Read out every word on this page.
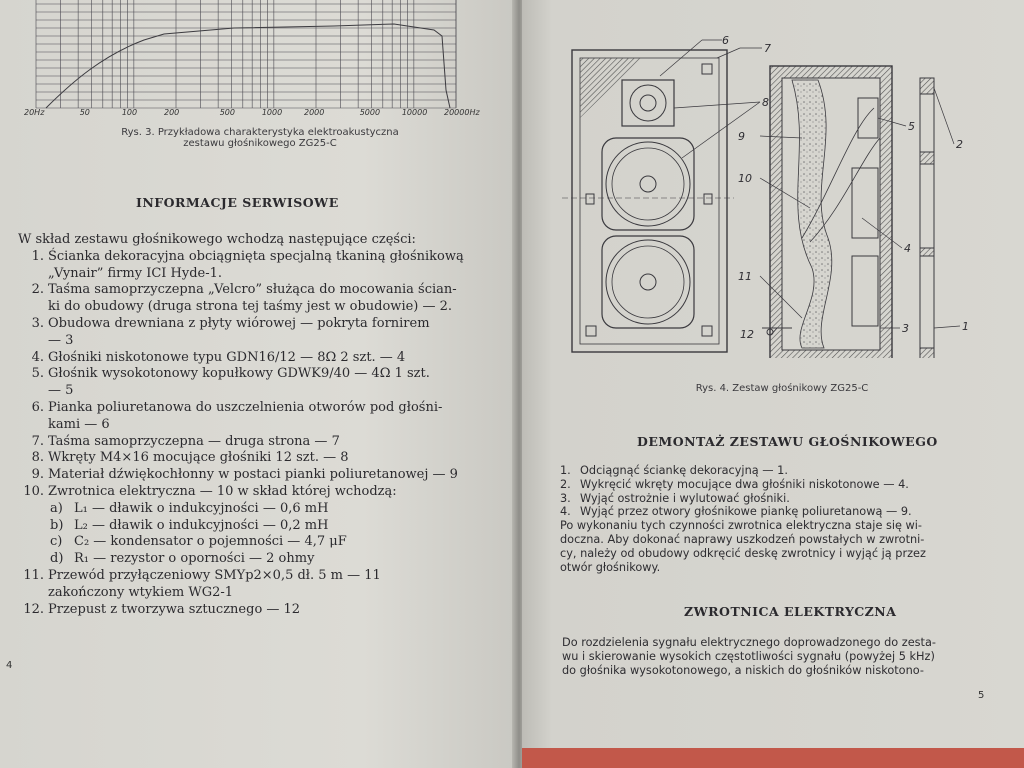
Rys. 3. Przykładowa charakterystyka elektroakustyczna
zestawu głośnikowego ZG25-C
INFORMACJE SERWISOWE
W skład zestawu głośnikowego wchodzą następujące części:
1. Ścianka dekoracyjna obciągnięta specjalną tkaniną głośnikową
„Vynair” firmy ICI Hyde-1.
2. Taśma samoprzyczepna „Velcro” służąca do mocowania ścian-
ki do obudowy (druga strona tej taśmy jest w obudowie) — 2.
3. Obudowa drewniana z płyty wiórowej — pokryta fornirem
— 3
4. Głośniki niskotonowe typu GDN16/12 — 8Ω 2 szt. — 4
5. Głośnik wysokotonowy kopułkowy GDWK9/40 — 4Ω 1 szt.
— 5
6. Pianka poliuretanowa do uszczelnienia otworów pod głośni-
kami — 6
7. Taśma samoprzyczepna — druga strona — 7
8. Wkręty M4×16 mocujące głośniki 12 szt. — 8
9. Materiał dźwiękochłonny w postaci pianki poliuretanowej — 9
10. Zwrotnica elektryczna — 10 w skład której wchodzą:
a) L₁ — dławik o indukcyjności — 0,6 mH
b) L₂ — dławik o indukcyjności — 0,2 mH
c) C₂ — kondensator o pojemności — 4,7 μF
d) R₁ — rezystor o oporności — 2 ohmy
11. Przewód przyłączeniowy SMYp2×0,5 dł. 5 m — 11
zakończony wtykiem WG2-1
12. Przepust z tworzywa sztucznego — 12
4
20Hz	50	100	200	500	1000	2000	5000	10000 20000Hz
6
7
8
9
10
11
12
5
2
4
3	1
Rys. 4. Zestaw głośnikowy ZG25-C
DEMONTAŻ ZESTAWU GŁOŚNIKOWEGO
1. Odciągnąć ściankę dekoracyjną — 1.
2. Wykręcić wkręty mocujące dwa głośniki niskotonowe — 4.
3. Wyjąć ostrożnie i wylutować głośniki.
4. Wyjąć przez otwory głośnikowe piankę poliuretanową — 9.
Po wykonaniu tych czynności zwrotnica elektryczna staje się wi-
doczna. Aby dokonać naprawy uszkodzeń powstałych w zwrotni-
cy, należy od obudowy odkręcić deskę zwrotnicy i wyjąć ją przez
otwór głośnikowy.
ZWROTNICA ELEKTRYCZNA
Do rozdzielenia sygnału elektrycznego doprowadzonego do zesta-
wu i skierowanie wysokich częstotliwości sygnału (powyżej 5 kHz)
do głośnika wysokotonowego, a niskich do głośników niskotono-
5
